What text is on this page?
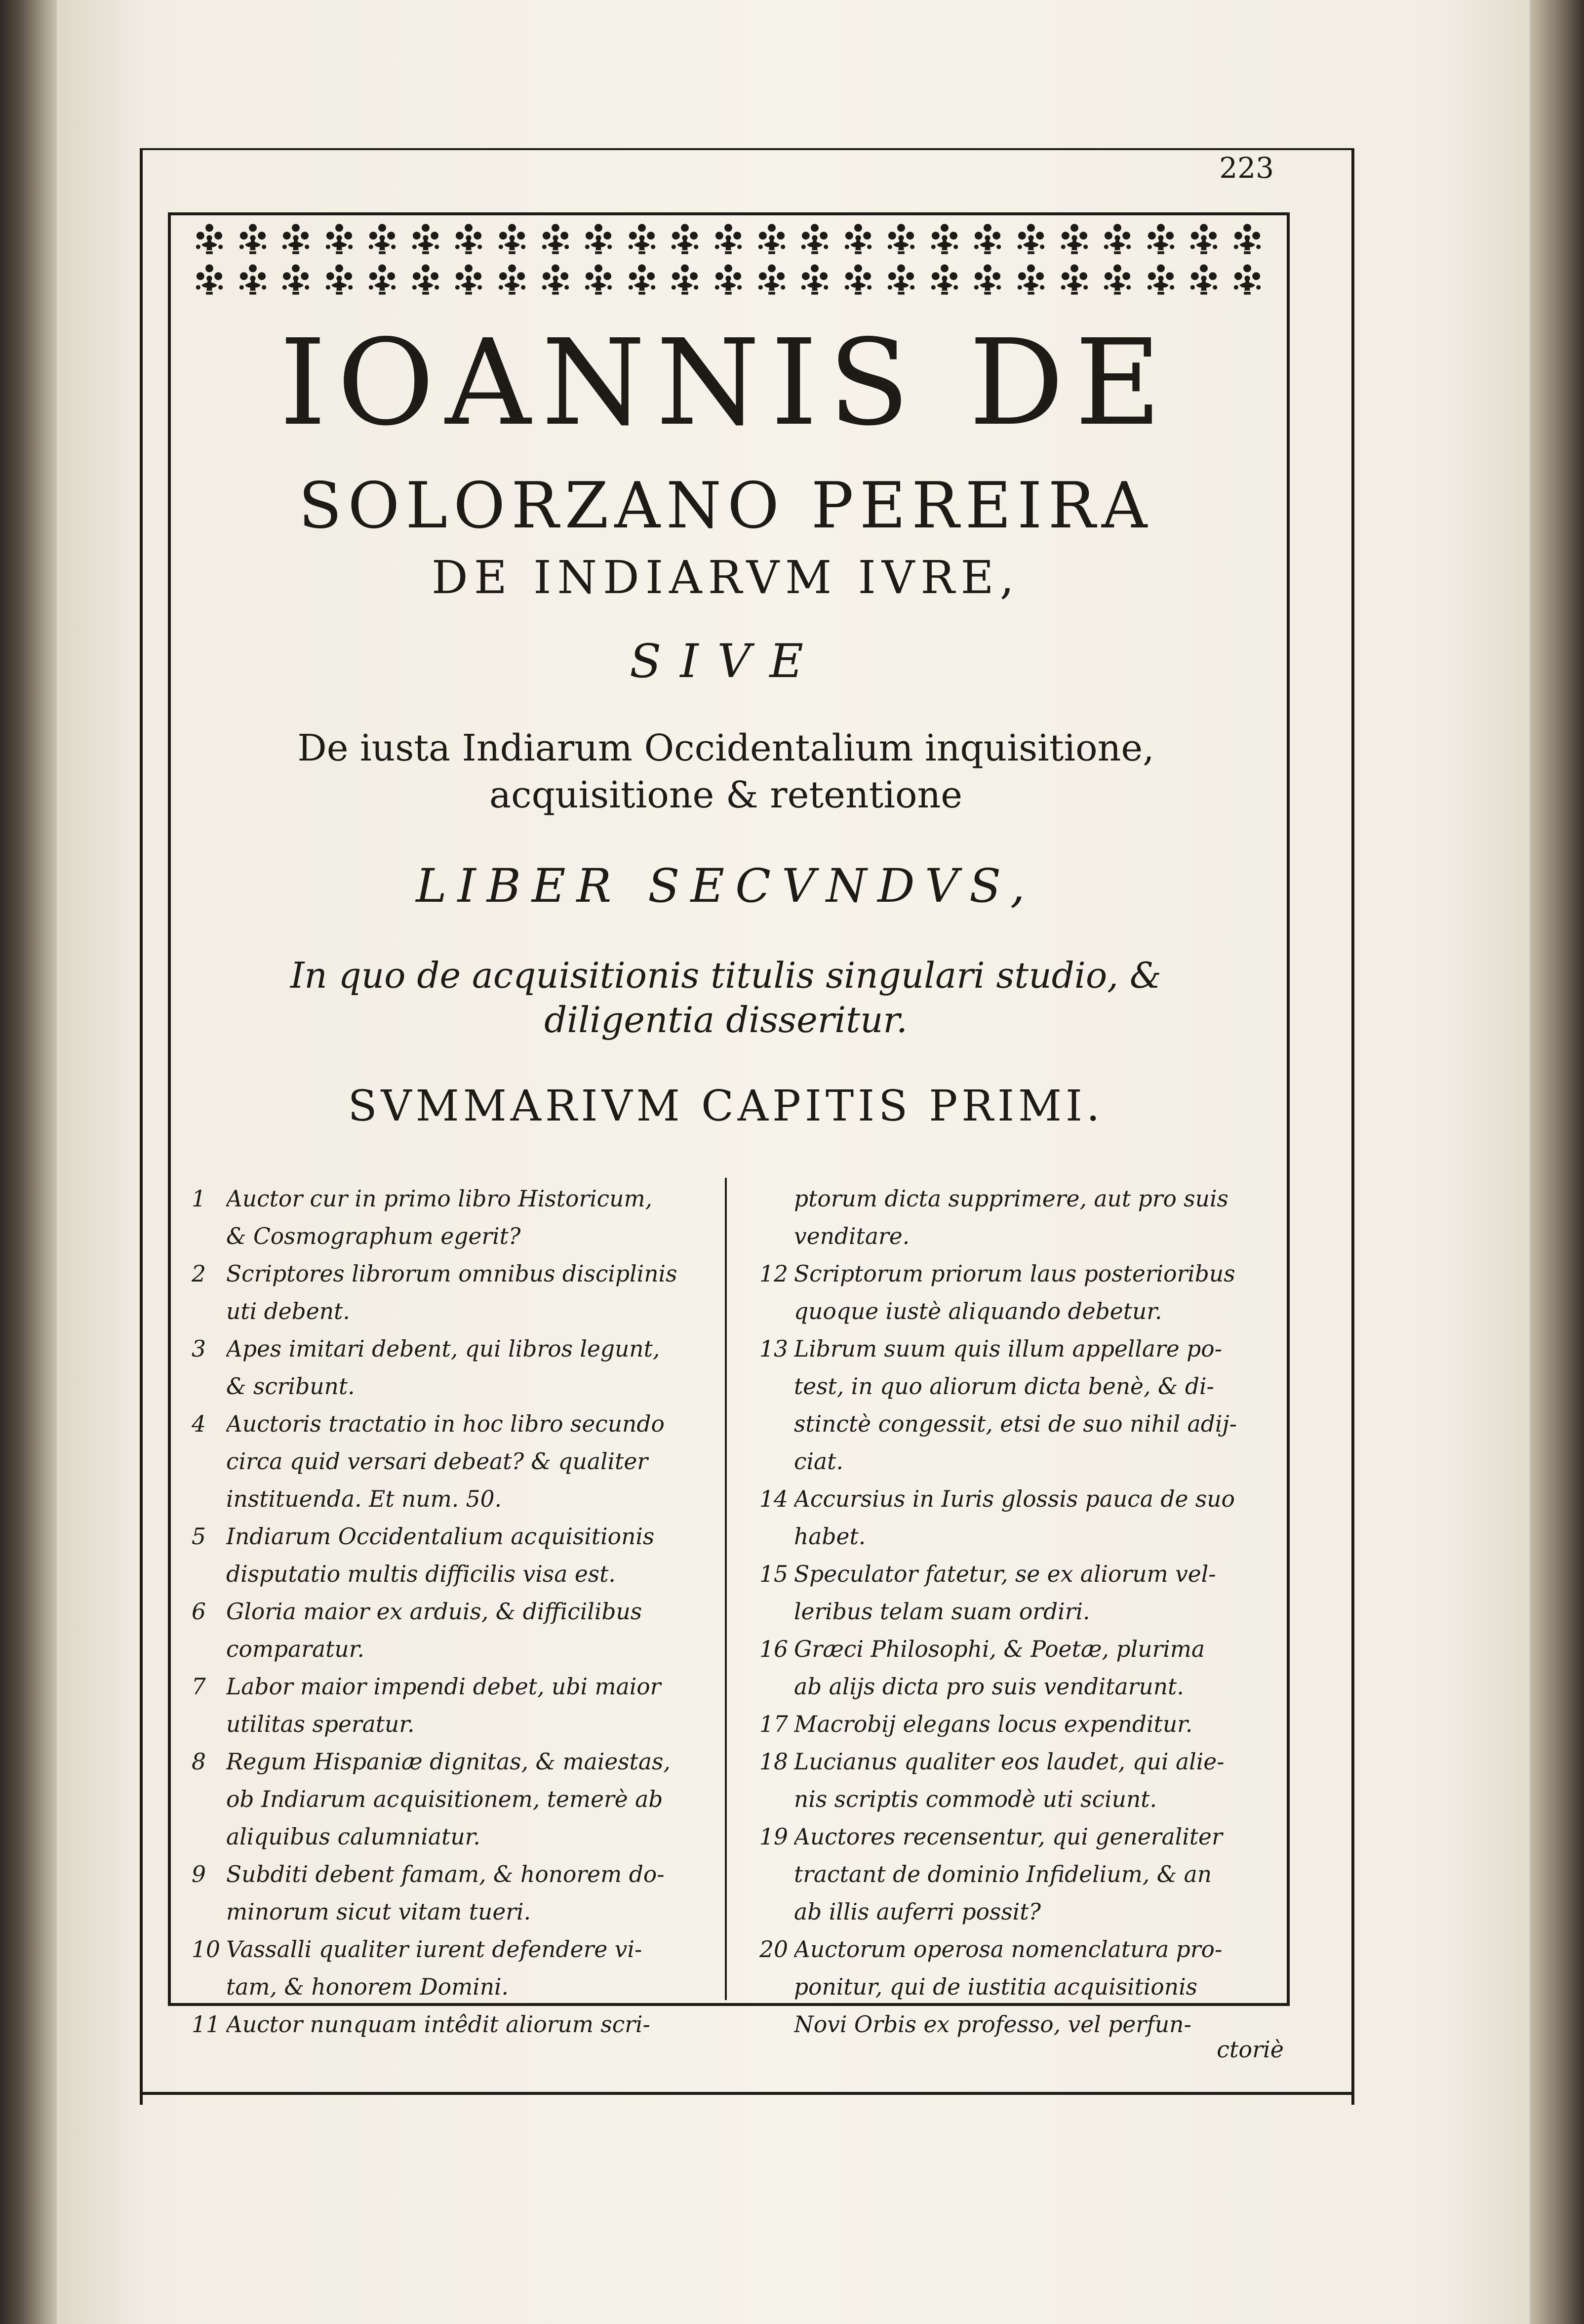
223
IOANNIS DE
SOLORZANO PEREIRA
DE INDIARVM IVRE,
SIVE
De iusta Indiarum Occidentalium inquisitione,
acquisitione & retentione
LIBER SECVNDVS,
In quo de acquisitionis titulis singulari studio, &
diligentia disseritur.
SVMMARIVM CAPITIS PRIMI.
1 Auctor cur in primo libro Historicum,
& Cosmographum egerit?
2 Scriptores librorum omnibus disciplinis
uti debent.
3 Apes imitari debent, qui libros legunt,
& scribunt.
4 Auctoris tractatio in hoc libro secundo
circa quid versari debeat? & qualiter
instituenda. Et num. 50.
5 Indiarum Occidentalium acquisitionis
disputatio multis difficilis visa est.
6 Gloria maior ex arduis, & difficilibus
comparatur.
7 Labor maior impendi debet, ubi maior
utilitas speratur.
8 Regum Hispaniæ dignitas, & maiestas,
ob Indiarum acquisitionem, temerè ab
aliquibus calumniatur.
9 Subditi debent famam, & honorem do-
minorum sicut vitam tueri.
10 Vassalli qualiter iurent defendere vi-
tam, & honorem Domini.
11 Auctor nunquam intêdit aliorum scri-
ptorum dicta supprimere, aut pro suis
venditare.
12 Scriptorum priorum laus posterioribus
quoque iustè aliquando debetur.
13 Librum suum quis illum appellare po-
test, in quo aliorum dicta benè, & di-
stinctè congessit, etsi de suo nihil adij-
ciat.
14 Accursius in Iuris glossis pauca de suo
habet.
15 Speculator fatetur, se ex aliorum vel-
leribus telam suam ordiri.
16 Græci Philosophi, & Poetæ, plurima
ab alijs dicta pro suis venditarunt.
17 Macrobij elegans locus expenditur.
18 Lucianus qualiter eos laudet, qui alie-
nis scriptis commodè uti sciunt.
19 Auctores recensentur, qui generaliter
tractant de dominio Infidelium, & an
ab illis auferri possit?
20 Auctorum operosa nomenclatura pro-
ponitur, qui de iustitia acquisitionis
Novi Orbis ex professo, vel perfun-
ctoriè
